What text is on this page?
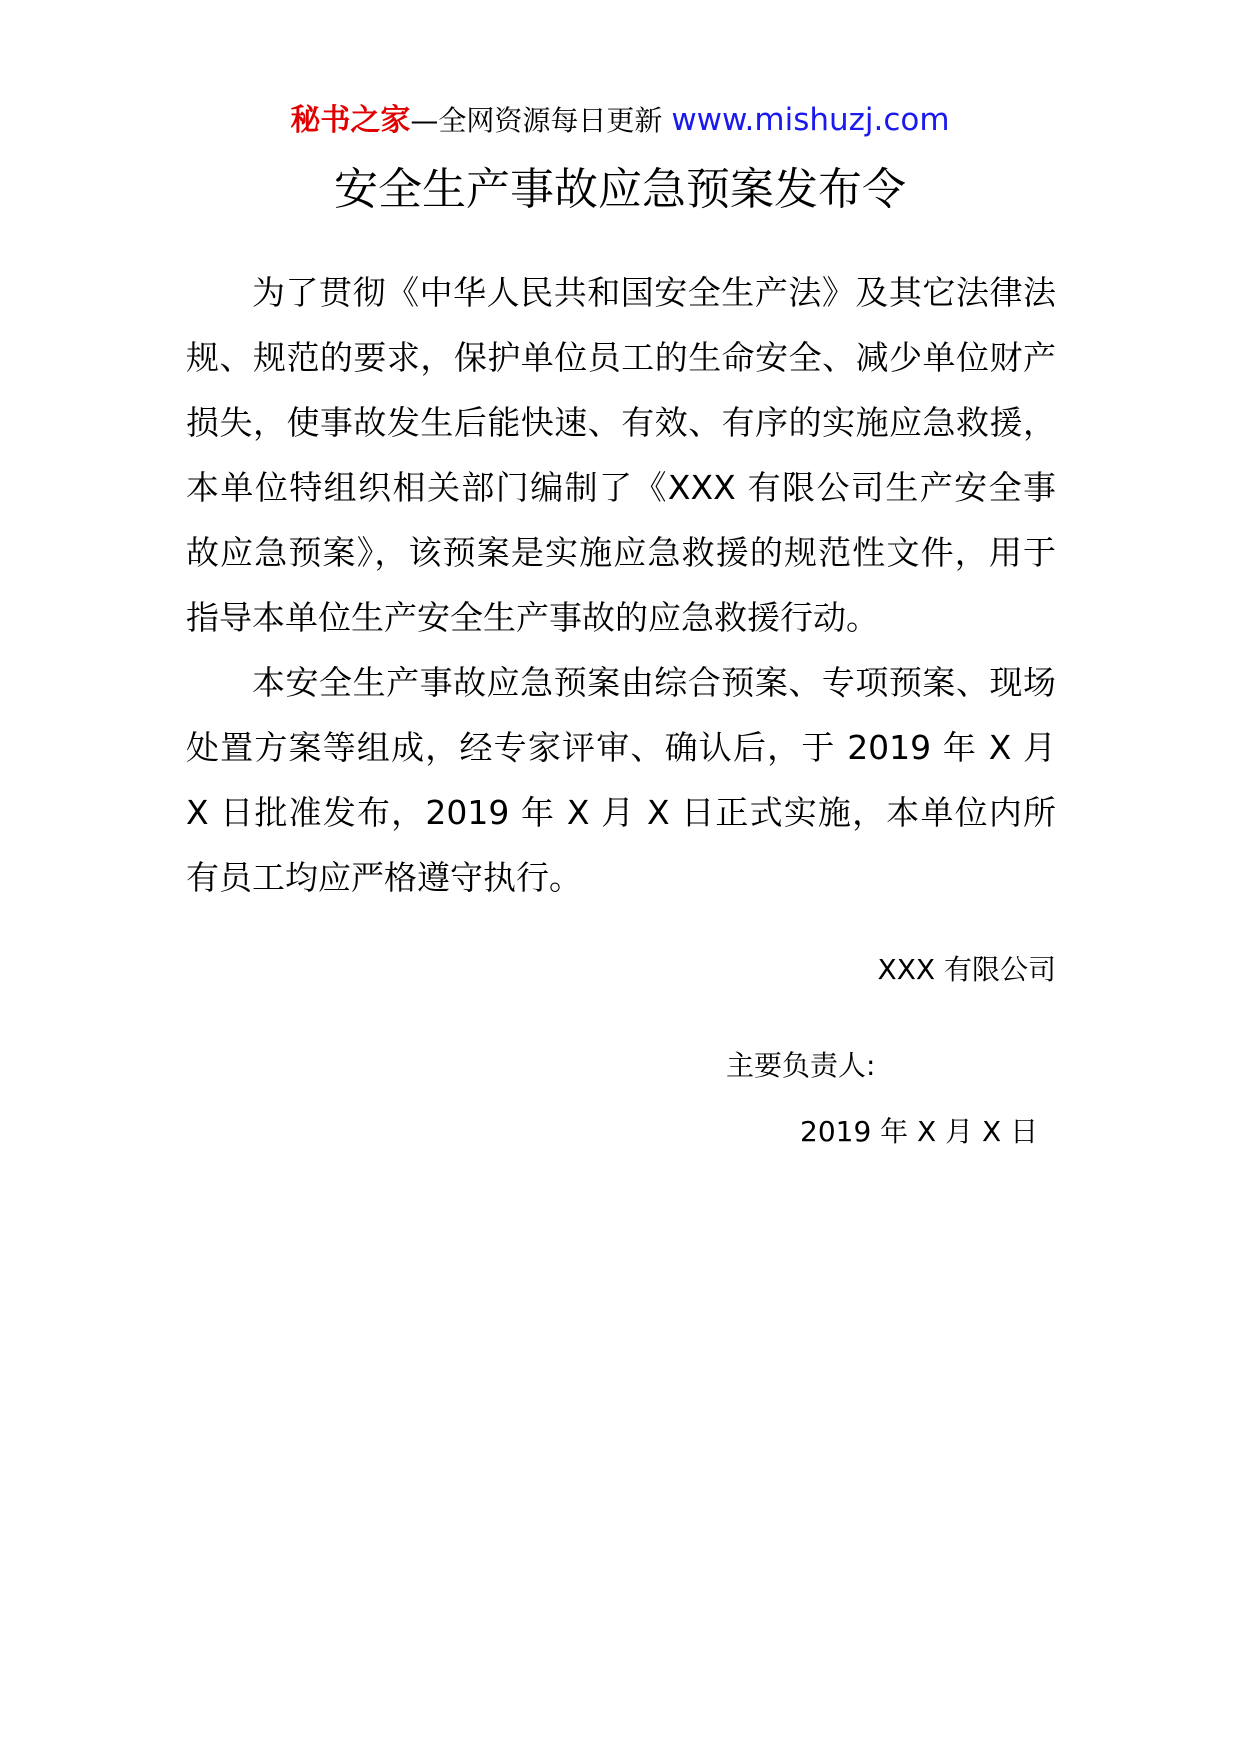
秘书之家—全网资源每日更新 www.mishuzj.com
安全生产事故应急预案发布令

为了贯彻《中华人民共和国安全生产法》及其它法律法规、规范的要求，保护单位员工的生命安全、减少单位财产损失，使事故发生后能快速、有效、有序的实施应急救援，本单位特组织相关部门编制了《XXX 有限公司生产安全事故应急预案》，该预案是实施应急救援的规范性文件，用于指导本单位生产安全生产事故的应急救援行动。

本安全生产事故应急预案由综合预案、专项预案、现场处置方案等组成，经专家评审、确认后，于 2019 年 X 月 X 日批准发布，2019 年 X 月 X 日正式实施，本单位内所有员工均应严格遵守执行。

XXX 有限公司
主要负责人:
2019 年 X 月 X 日
